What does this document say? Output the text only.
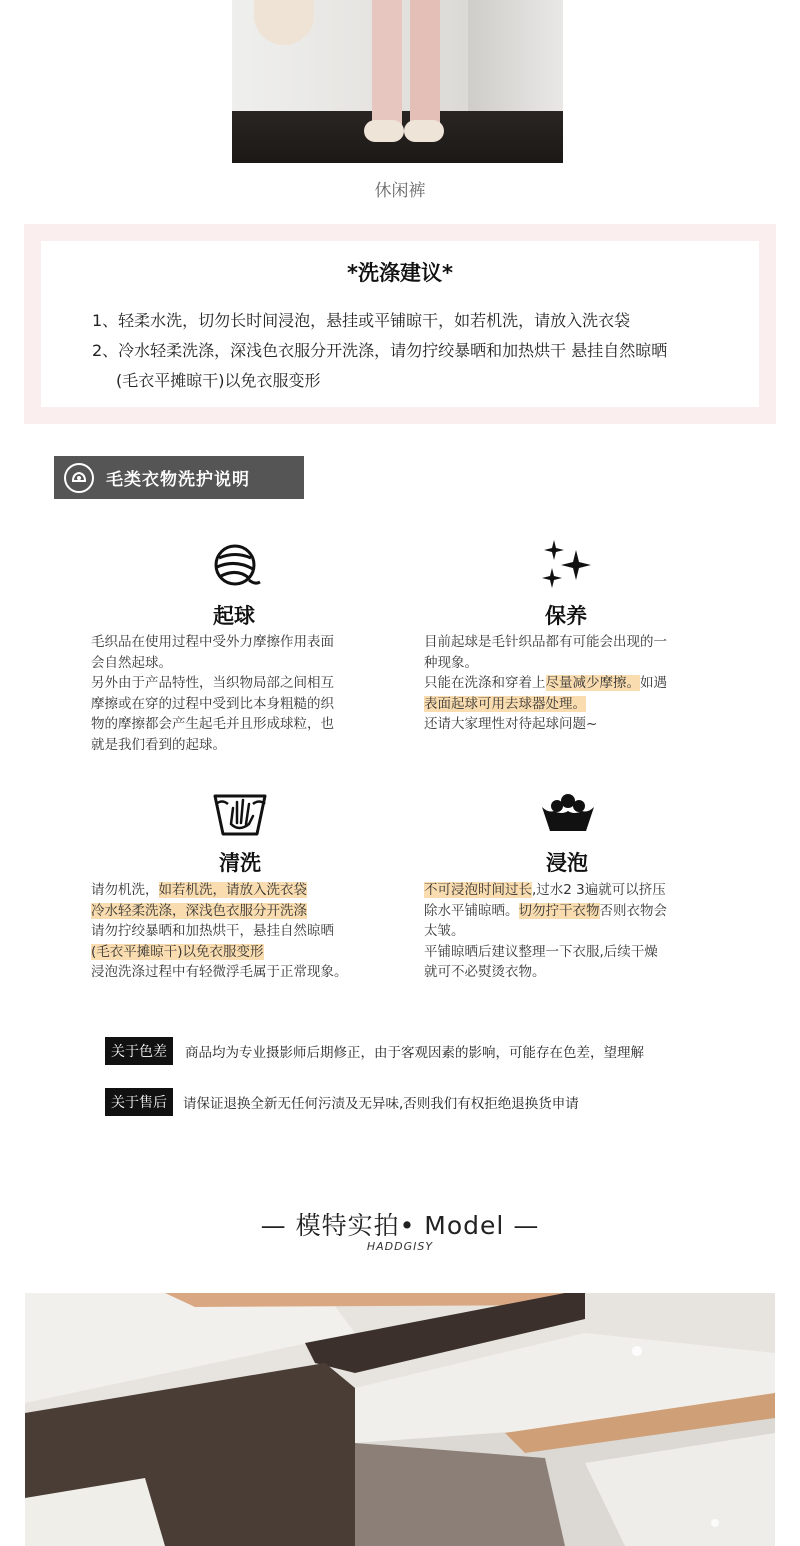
休闲裤
*洗涤建议*
1、轻柔水洗，切勿长时间浸泡，悬挂或平铺晾干，如若机洗，请放入洗衣袋
2、冷水轻柔洗涤，深浅色衣服分开洗涤，请勿拧绞暴晒和加热烘干 悬挂自然晾晒
(毛衣平摊晾干)以免衣服变形
毛类衣物洗护说明
起球
毛织品在使用过程中受外力摩擦作用表面
会自然起球。
另外由于产品特性，当织物局部之间相互
摩擦或在穿的过程中受到比本身粗糙的织
物的摩擦都会产生起毛并且形成球粒，也
就是我们看到的起球。
保养
目前起球是毛针织品都有可能会出现的一
种现象。
只能在洗涤和穿着上尽量减少摩擦。如遇
表面起球可用去球器处理。
还请大家理性对待起球问题~
清洗
请勿机洗，如若机洗，请放入洗衣袋
冷水轻柔洗涤，深浅色衣服分开洗涤
请勿拧绞暴晒和加热烘干，悬挂自然晾晒
(毛衣平摊晾干)以免衣服变形
浸泡洗涤过程中有轻微浮毛属于正常现象。
浸泡
不可浸泡时间过长,过水2 3遍就可以挤压
除水平铺晾晒。切勿拧干衣物否则衣物会
太皱。
平铺晾晒后建议整理一下衣服,后续干燥
就可不必熨烫衣物。
关于色差	商品均为专业摄影师后期修正，由于客观因素的影响，可能存在色差，望理解
关于售后	请保证退换全新无任何污渍及无异味,否则我们有权拒绝退换货申请
— 模特实拍• Model —
HADDGISY
